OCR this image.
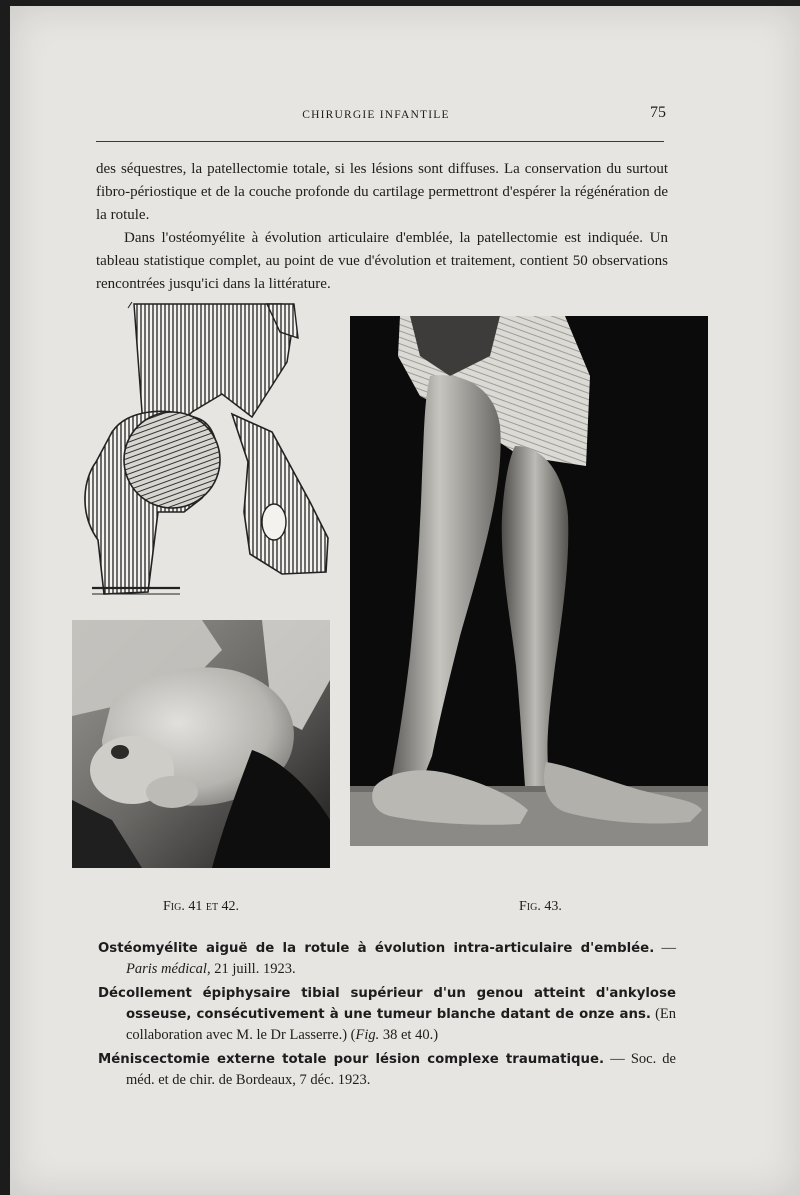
CHIRURGIE INFANTILE	75

des séquestres, la patellectomie totale, si les lésions sont diffuses. La conservation du surtout fibro-périostique et de la couche profonde du cartilage permettront d'espérer la régénération de la rotule.

Dans l'ostéomyélite à évolution articulaire d'emblée, la patellectomie est indiquée. Un tableau statistique complet, au point de vue d'évolution et traitement, contient 50 observations rencontrées jusqu'ici dans la littérature.

Fig. 41 et 42.	Fig. 43.
Ostéomyélite aiguë de la rotule à évolution intra-articulaire d'emblée. — Paris médical, 21 juill. 1923.
Décollement épiphysaire tibial supérieur d'un genou atteint d'ankylose osseuse, consécutivement à une tumeur blanche datant de onze ans. (En collaboration avec M. le Dr Lasserre.) (Fig. 38 et 40.)
Méniscectomie externe totale pour lésion complexe traumatique. — Soc. de méd. et de chir. de Bordeaux, 7 déc. 1923.
